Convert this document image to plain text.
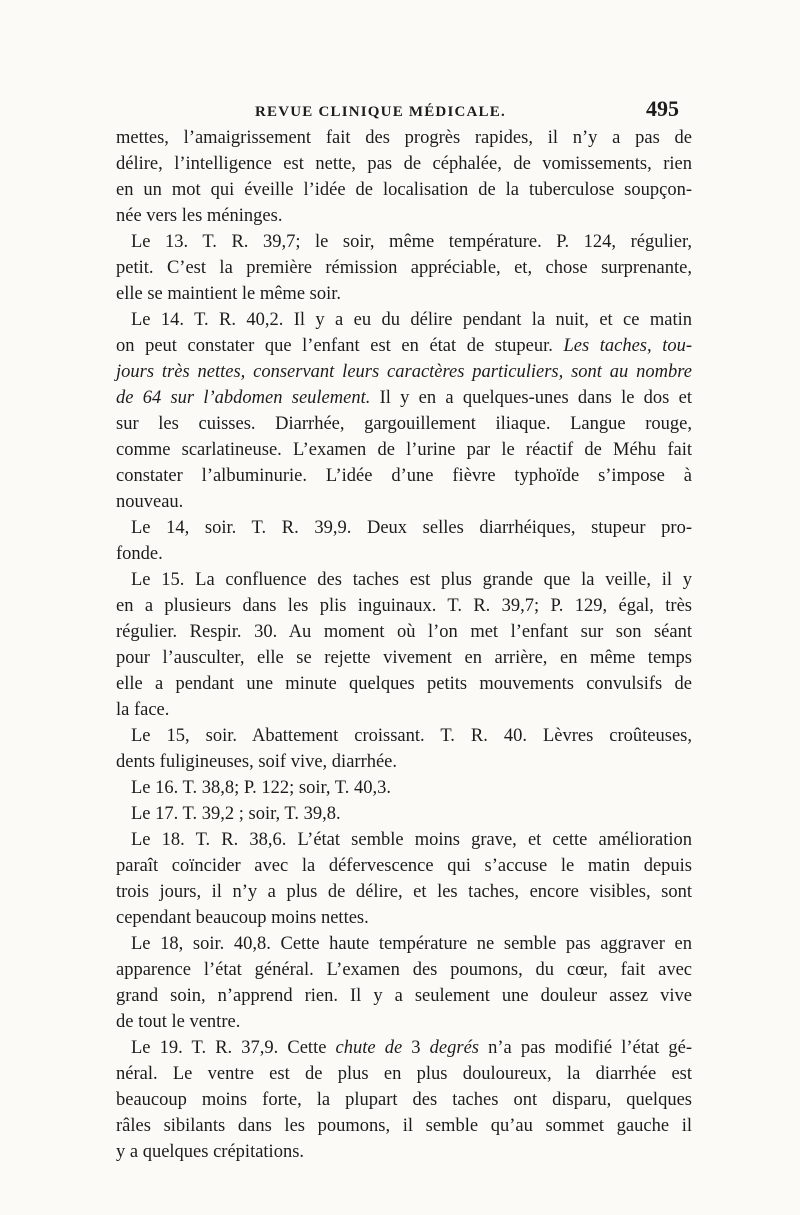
REVUE CLINIQUE MÉDICALE.	495
mettes, l’amaigrissement fait des progrès rapides, il n’y a pas de
délire, l’intelligence est nette, pas de céphalée, de vomissements, rien
en un mot qui éveille l’idée de localisation de la tuberculose soupçon-
née vers les méninges.
Le 13. T. R. 39,7; le soir, même température. P. 124, régulier,
petit. C’est la première rémission appréciable, et, chose surprenante,
elle se maintient le même soir.
Le 14. T. R. 40,2. Il y a eu du délire pendant la nuit, et ce matin
on peut constater que l’enfant est en état de stupeur. Les taches, tou-
jours très nettes, conservant leurs caractères particuliers, sont au nombre
de 64 sur l’abdomen seulement. Il y en a quelques-unes dans le dos et
sur les cuisses. Diarrhée, gargouillement iliaque. Langue rouge,
comme scarlatineuse. L’examen de l’urine par le réactif de Méhu fait
constater l’albuminurie. L’idée d’une fièvre typhoïde s’impose à
nouveau.
Le 14, soir. T. R. 39,9. Deux selles diarrhéiques, stupeur pro-
fonde.
Le 15. La confluence des taches est plus grande que la veille, il y
en a plusieurs dans les plis inguinaux. T. R. 39,7; P. 129, égal, très
régulier. Respir. 30. Au moment où l’on met l’enfant sur son séant
pour l’ausculter, elle se rejette vivement en arrière, en même temps
elle a pendant une minute quelques petits mouvements convulsifs de
la face.
Le 15, soir. Abattement croissant. T. R. 40. Lèvres croûteuses,
dents fuligineuses, soif vive, diarrhée.
Le 16. T. 38,8; P. 122; soir, T. 40,3.
Le 17. T. 39,2 ; soir, T. 39,8.
Le 18. T. R. 38,6. L’état semble moins grave, et cette amélioration
paraît coïncider avec la défervescence qui s’accuse le matin depuis
trois jours, il n’y a plus de délire, et les taches, encore visibles, sont
cependant beaucoup moins nettes.
Le 18, soir. 40,8. Cette haute température ne semble pas aggraver en
apparence l’état général. L’examen des poumons, du cœur, fait avec
grand soin, n’apprend rien. Il y a seulement une douleur assez vive
de tout le ventre.
Le 19. T. R. 37,9. Cette chute de 3 degrés n’a pas modifié l’état gé-
néral. Le ventre est de plus en plus douloureux, la diarrhée est
beaucoup moins forte, la plupart des taches ont disparu, quelques
râles sibilants dans les poumons, il semble qu’au sommet gauche il
y a quelques crépitations.
